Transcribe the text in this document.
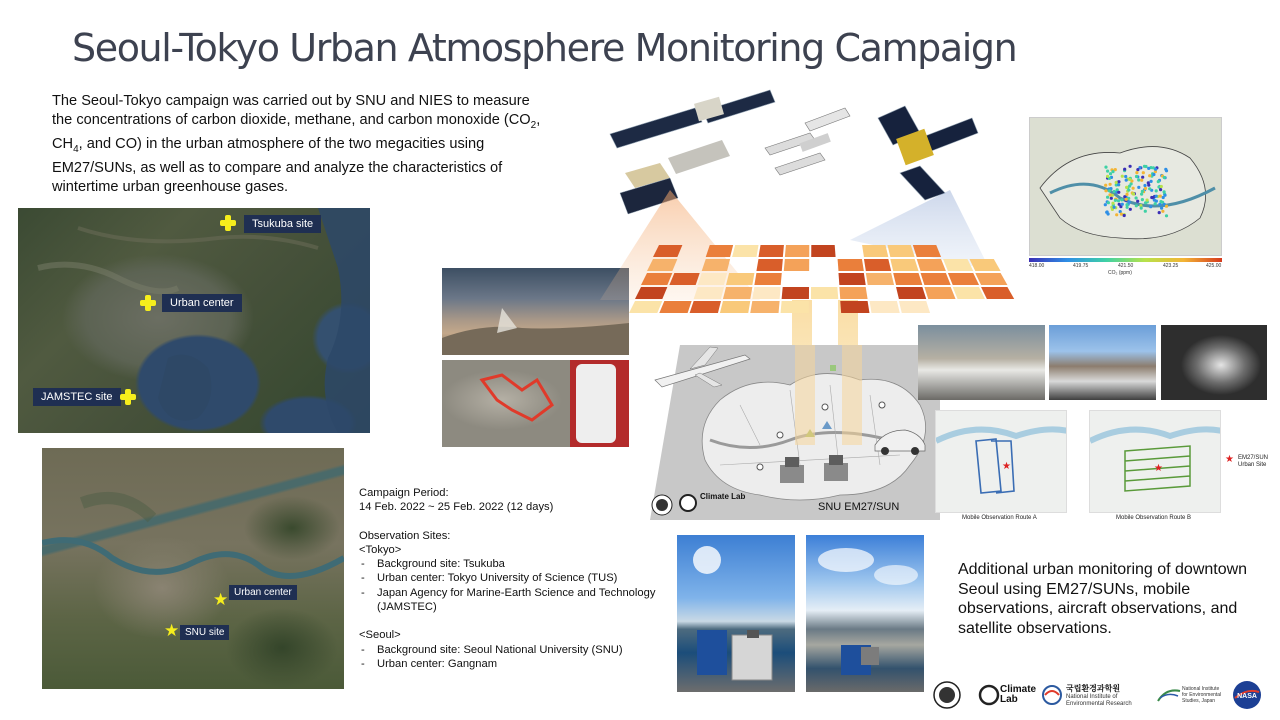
Seoul-Tokyo Urban Atmosphere Monitoring Campaign
The Seoul-Tokyo campaign was carried out by SNU and NIES to measure the concentrations of carbon dioxide, methane, and carbon monoxide ($CO_2$, $CH_4$, and CO) in the urban atmosphere of the two megacities using EM27/SUNs, as well as to compare and analyze the characteristics of wintertime urban greenhouse gases.
Tsukuba site
Urban center
JAMSTEC site
★ Urban center
★ SNU site
Campaign Period:
14 Feb. 2022 ~ 25 Feb. 2022 (12 days)
Observation Sites:
<Tokyo>
- Background site: Tsukuba
- Urban center: Tokyo University of Science (TUS)
- Japan Agency for Marine-Earth Science and Technology (JAMSTEC)
<Seoul>
- Background site: Seoul National University (SNU)
- Urban center: Gangnam
Climate Lab
SNU EM27/SUN
418.00	419.75	421.50	423.25	425.00
CO₂ (ppm)
★
Mobile Observation Route A
★
Mobile Observation Route B
★ EM27/SUN Urban Site
Additional urban monitoring of downtown Seoul using EM27/SUNs, mobile observations, aircraft observations, and satellite observations.
Climate Lab
국립환경과학원
National Institute of Environmental Research
National Institute for Environmental Studies, Japan
NASA
